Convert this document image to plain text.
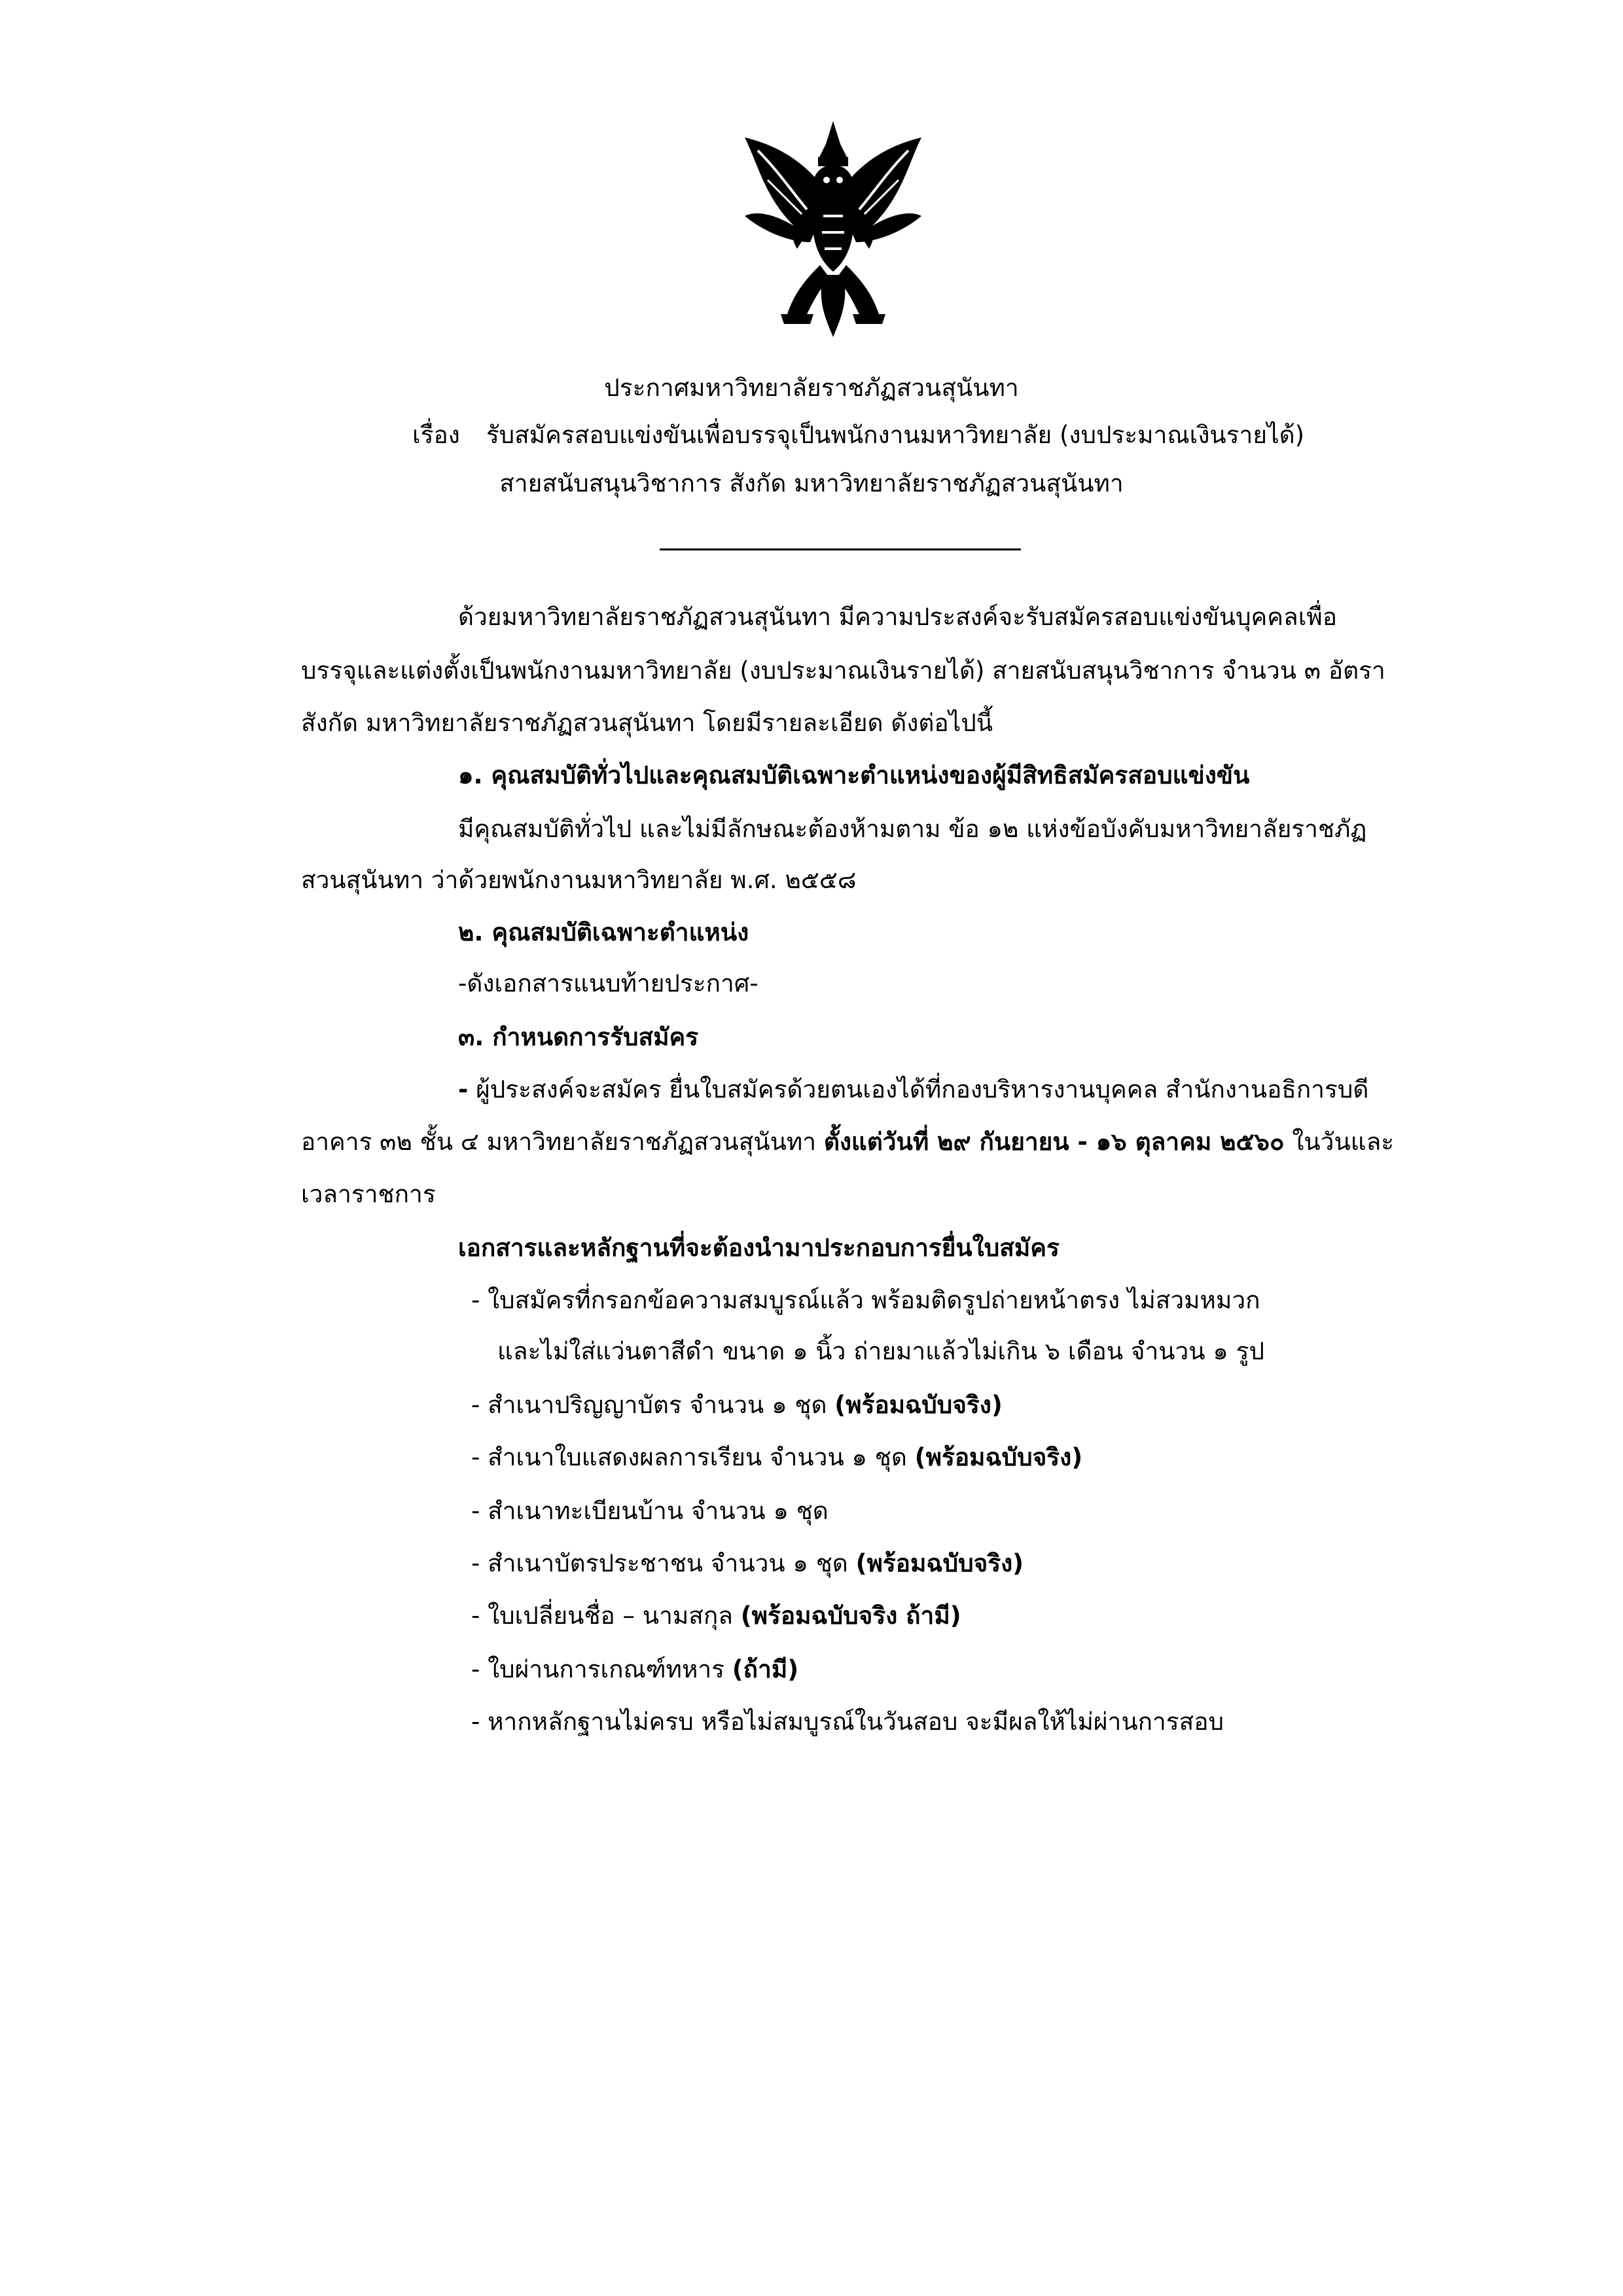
ประกาศมหาวิทยาลัยราชภัฏสวนสุนันทา
เรื่อง รับสมัครสอบแข่งขันเพื่อบรรจุเป็นพนักงานมหาวิทยาลัย (งบประมาณเงินรายได้)
สายสนับสนุนวิชาการ สังกัด มหาวิทยาลัยราชภัฏสวนสุนันทา
ด้วยมหาวิทยาลัยราชภัฏสวนสุนันทา มีความประสงค์จะรับสมัครสอบแข่งขันบุคคลเพื่อ
บรรจุและแต่งตั้งเป็นพนักงานมหาวิทยาลัย (งบประมาณเงินรายได้) สายสนับสนุนวิชาการ จำนวน ๓ อัตรา
สังกัด มหาวิทยาลัยราชภัฏสวนสุนันทา โดยมีรายละเอียด ดังต่อไปนี้
๑. คุณสมบัติทั่วไปและคุณสมบัติเฉพาะตำแหน่งของผู้มีสิทธิสมัครสอบแข่งขัน
มีคุณสมบัติทั่วไป และไม่มีลักษณะต้องห้ามตาม ข้อ ๑๒ แห่งข้อบังคับมหาวิทยาลัยราชภัฏ
สวนสุนันทา ว่าด้วยพนักงานมหาวิทยาลัย พ.ศ. ๒๕๕๘
๒. คุณสมบัติเฉพาะตำแหน่ง
-ดังเอกสารแนบท้ายประกาศ-
๓. กำหนดการรับสมัคร
- ผู้ประสงค์จะสมัคร ยื่นใบสมัครด้วยตนเองได้ที่กองบริหารงานบุคคล สำนักงานอธิการบดี
อาคาร ๓๒ ชั้น ๔ มหาวิทยาลัยราชภัฏสวนสุนันทา ตั้งแต่วันที่ ๒๙ กันยายน - ๑๖ ตุลาคม ๒๕๖๐ ในวันและ
เวลาราชการ
เอกสารและหลักฐานที่จะต้องนำมาประกอบการยื่นใบสมัคร
- ใบสมัครที่กรอกข้อความสมบูรณ์แล้ว พร้อมติดรูปถ่ายหน้าตรง ไม่สวมหมวก
และไม่ใส่แว่นตาสีดำ ขนาด ๑ นิ้ว ถ่ายมาแล้วไม่เกิน ๖ เดือน จำนวน ๑ รูป
- สำเนาปริญญาบัตร จำนวน ๑ ชุด (พร้อมฉบับจริง)
- สำเนาใบแสดงผลการเรียน จำนวน ๑ ชุด (พร้อมฉบับจริง)
- สำเนาทะเบียนบ้าน จำนวน ๑ ชุด
- สำเนาบัตรประชาชน จำนวน ๑ ชุด (พร้อมฉบับจริง)
- ใบเปลี่ยนชื่อ – นามสกุล (พร้อมฉบับจริง ถ้ามี)
- ใบผ่านการเกณฑ์ทหาร (ถ้ามี)
- หากหลักฐานไม่ครบ หรือไม่สมบูรณ์ในวันสอบ จะมีผลให้ไม่ผ่านการสอบ
